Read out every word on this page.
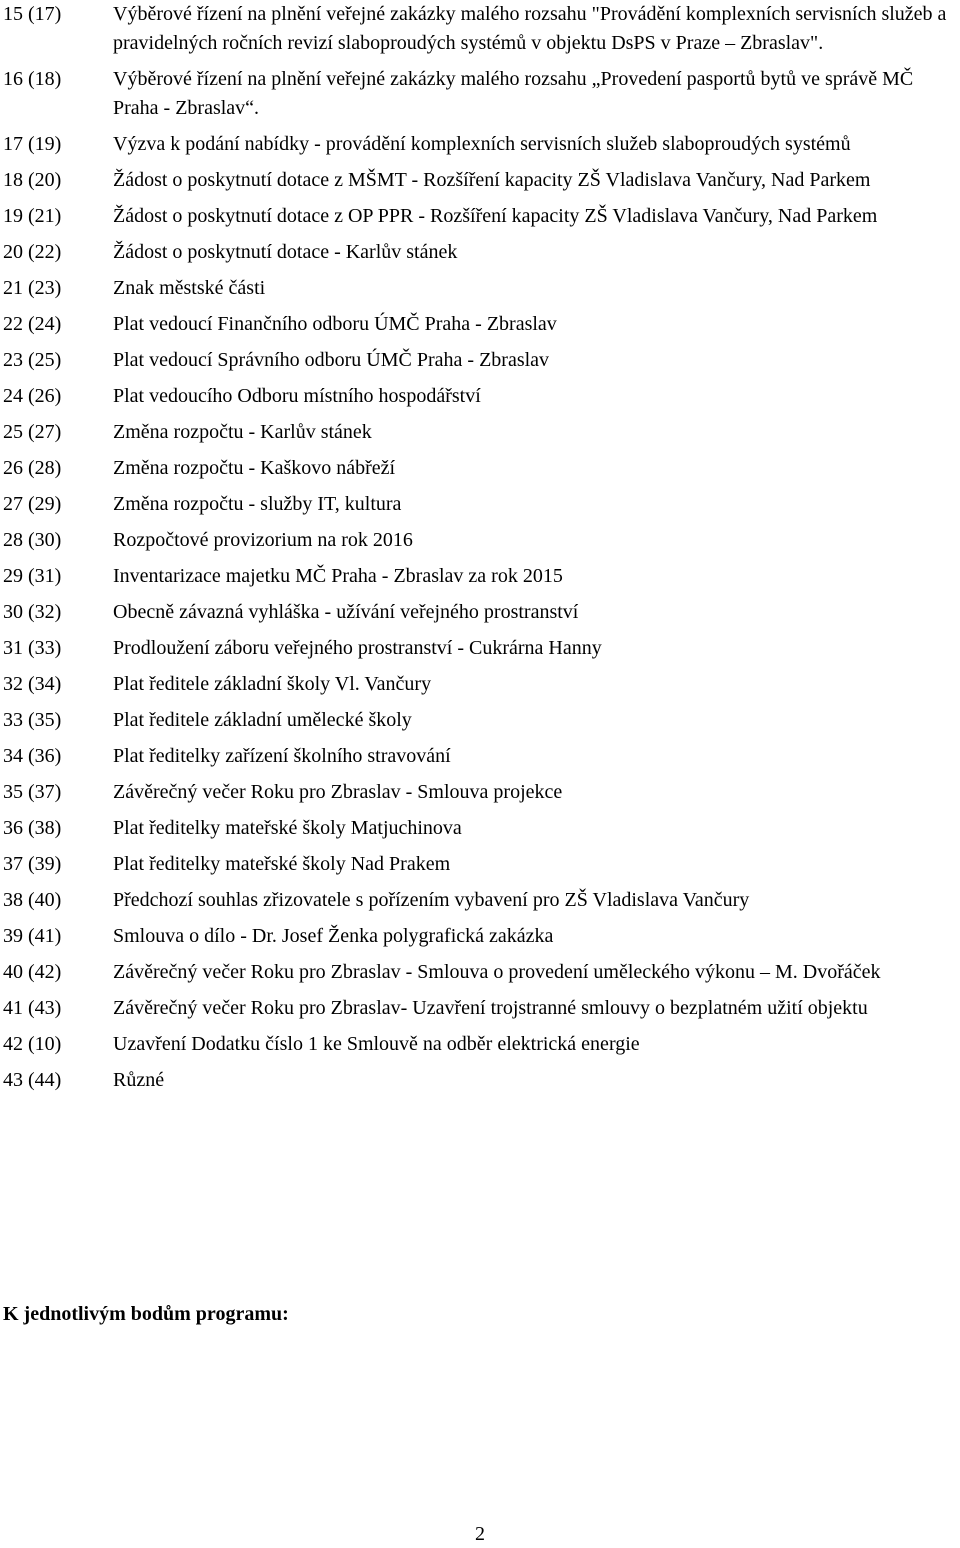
15 (17)	Výběrové řízení na plnění veřejné zakázky malého rozsahu "Provádění komplexních servisních služeb a pravidelných ročních revizí slaboproudých systémů v objektu DsPS v Praze – Zbraslav".
16 (18)	Výběrové řízení na plnění veřejné zakázky malého rozsahu „Provedení pasportů bytů ve správě MČ Praha - Zbraslav“.
17 (19)	Výzva k podání nabídky - provádění komplexních servisních služeb slaboproudých systémů
18 (20)	Žádost o poskytnutí dotace z MŠMT - Rozšíření kapacity ZŠ Vladislava Vančury, Nad Parkem
19 (21)	Žádost o poskytnutí dotace z OP PPR - Rozšíření kapacity ZŠ Vladislava Vančury, Nad Parkem
20 (22)	Žádost o poskytnutí dotace - Karlův stánek
21 (23)	Znak městské části
22 (24)	Plat vedoucí Finančního odboru ÚMČ Praha - Zbraslav
23 (25)	Plat vedoucí Správního odboru ÚMČ Praha - Zbraslav
24 (26)	Plat vedoucího Odboru místního hospodářství
25 (27)	Změna rozpočtu - Karlův stánek
26 (28)	Změna rozpočtu - Kaškovo nábřeží
27 (29)	Změna rozpočtu - služby IT, kultura
28 (30)	Rozpočtové provizorium na rok 2016
29 (31)	Inventarizace majetku MČ Praha - Zbraslav za rok 2015
30 (32)	Obecně závazná vyhláška - užívání veřejného prostranství
31 (33)	Prodloužení záboru veřejného prostranství - Cukrárna Hanny
32 (34)	Plat ředitele základní školy Vl. Vančury
33 (35)	Plat ředitele základní umělecké školy
34 (36)	Plat ředitelky zařízení školního stravování
35 (37)	Závěrečný večer Roku pro Zbraslav - Smlouva projekce
36 (38)	Plat ředitelky mateřské školy Matjuchinova
37 (39)	Plat ředitelky mateřské školy Nad Prakem
38 (40)	Předchozí souhlas zřizovatele s pořízením vybavení pro ZŠ Vladislava Vančury
39 (41)	Smlouva o dílo - Dr. Josef Ženka polygrafická zakázka
40 (42)	Závěrečný večer Roku pro Zbraslav - Smlouva o provedení uměleckého výkonu – M. Dvořáček
41 (43)	Závěrečný večer Roku pro Zbraslav- Uzavření trojstranné smlouvy o bezplatném užití objektu
42 (10)	Uzavření Dodatku číslo 1 ke Smlouvě na odběr elektrická energie
43 (44)	Různé

K jednotlivým bodům programu:

2
